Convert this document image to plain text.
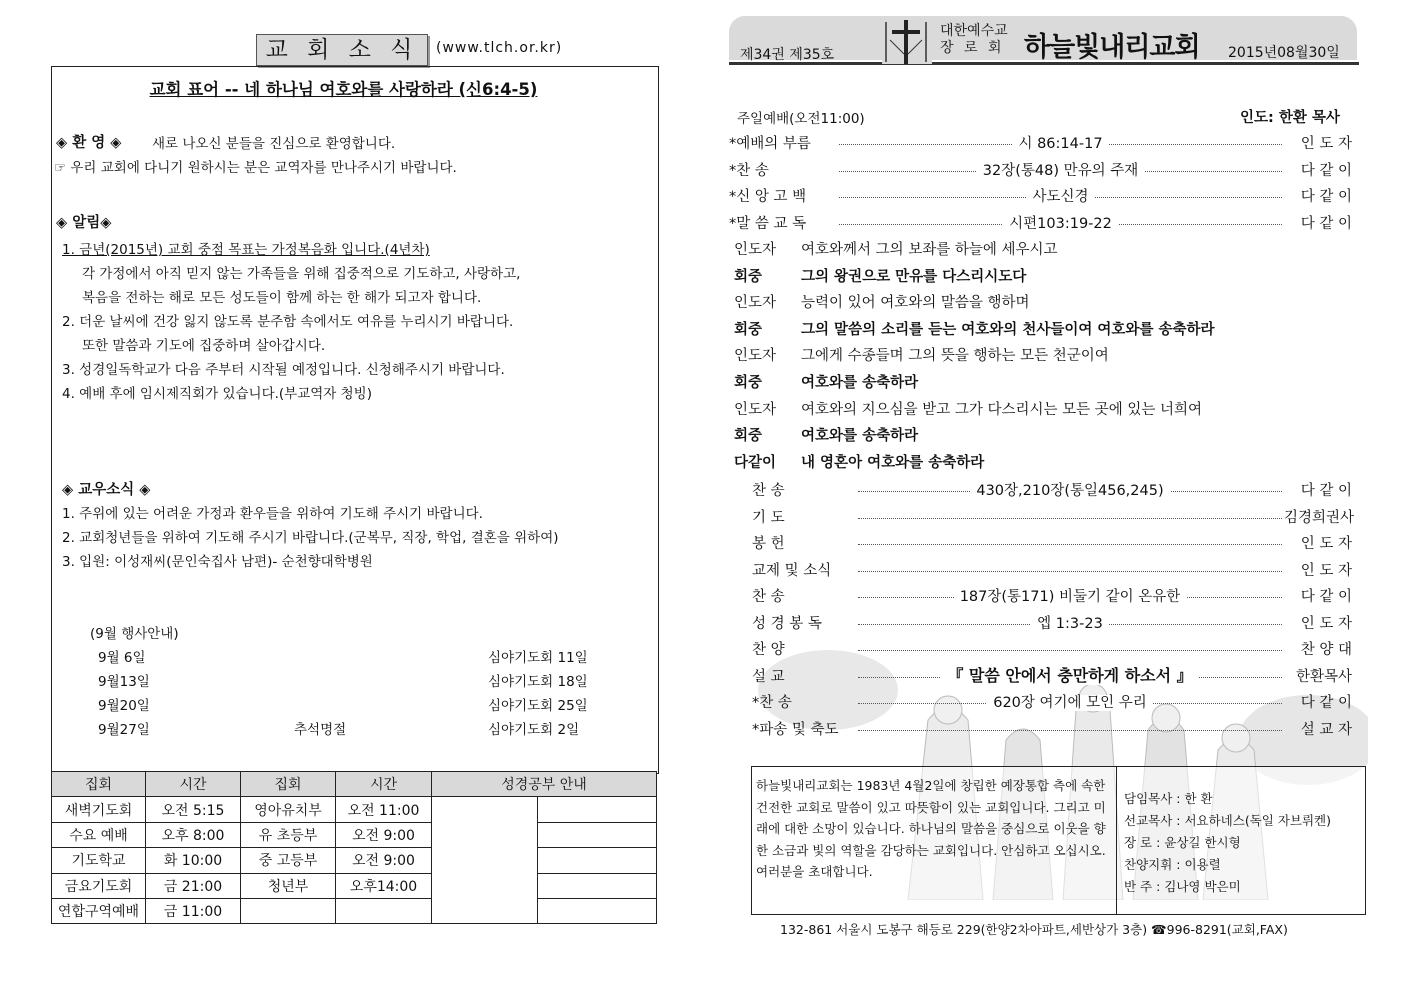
교 회 소 식	(www.tlch.or.kr)
교회 표어 -- 네 하나님 여호와를 사랑하라 (신6:4-5)
◈ 환 영 ◈ 새로 나오신 분들을 진심으로 환영합니다.
☞ 우리 교회에 다니기 원하시는 분은 교역자를 만나주시기 바랍니다.
◈ 알림◈
1. 금년(2015년) 교회 중점 목표는 가정복음화 입니다.(4년차)
각 가정에서 아직 믿지 않는 가족들을 위해 집중적으로 기도하고, 사랑하고,
복음을 전하는 해로 모든 성도들이 함께 하는 한 해가 되고자 합니다.
2. 더운 날씨에 건강 잃지 않도록 분주함 속에서도 여유를 누리시기 바랍니다.
또한 말씀과 기도에 집중하며 살아갑시다.
3. 성경일독학교가 다음 주부터 시작될 예정입니다. 신청해주시기 바랍니다.
4. 예배 후에 임시제직회가 있습니다.(부교역자 청빙)
◈ 교우소식 ◈
1. 주위에 있는 어려운 가정과 환우들을 위하여 기도해 주시기 바랍니다.
2. 교회청년들을 위하여 기도해 주시기 바랍니다.(군복무, 직장, 학업, 결혼을 위하여)
3. 입원: 이성재씨(문인숙집사 남편)- 순천향대학병원
(9월 행사안내)
9월 6일	심야기도회 11일
9월13일	심야기도회 18일
9월20일	심야기도회 25일
9월27일	추석명절	심야기도회 2일
집회	시간	집회	시간	성경공부 안내	
새벽기도회	오전 5:15	영아유치부	오전 11:00		
수요 예배	오후 8:00	유 초등부	오전 9:00		
기도학교	화 10:00	중 고등부	오전 9:00		
금요기도회	금 21:00	청년부	오후14:00		
연합구역예배	금 11:00				
제34권 제35호
대한예수교
장 로 회 하늘빛내리교회 2015년08월30일
주일예배(오전11:00)	인도: 한환 목사
*예배의 부름	시 86:14-17	인 도 자
*찬 송	32장(통48) 만유의 주재	다 같 이
*신 앙 고 백	사도신경	다 같 이
*말 씀 교 독	시편103:19-22	다 같 이
인도자 여호와께서 그의 보좌를 하늘에 세우시고
회중	그의 왕권으로 만유를 다스리시도다
인도자 능력이 있어 여호와의 말씀을 행하며
회중	그의 말씀의 소리를 듣는 여호와의 천사들이여 여호와를 송축하라
인도자 그에게 수종들며 그의 뜻을 행하는 모든 천군이여
회중	여호와를 송축하라
인도자 여호와의 지으심을 받고 그가 다스리시는 모든 곳에 있는 너희여
회중	여호와를 송축하라
다같이 내 영혼아 여호와를 송축하라
찬 송	430장,210장(통일456,245)	다 같 이
기 도	김경희권사
봉 헌	인 도 자
교제 및 소식	인 도 자
찬 송	187장(통171) 비둘기 같이 온유한	다 같 이
성 경 봉 독	엡 1:3-23	인 도 자
찬 양	찬 양 대
설 교	『 말씀 안에서 충만하게 하소서 』	한환목사
*찬 송	620장 여기에 모인 우리	다 같 이
*파송 및 축도	설 교 자
하늘빛내리교회는 1983년 4월2일에 창립한 예장통합 측에 속한 건전한 교회로 말씀이 있고 따뜻함이 있는 교회입니다. 그리고 미래에 대한 소망이 있습니다. 하나님의 말씀을 중심으로 이웃을 향한 소금과 빛의 역할을 감당하는 교회입니다. 안심하고 오십시오.
여러분을 초대합니다.
담임목사 : 한 환
선교목사 : 서요하네스(독일 자브뤼켄)
장 로 : 윤상길 한시형
찬양지휘 : 이용렬
반 주 : 김나영 박은미
132-861 서울시 도봉구 해등로 229(한양2차아파트,세반상가 3층) ☎996-8291(교회,FAX)
